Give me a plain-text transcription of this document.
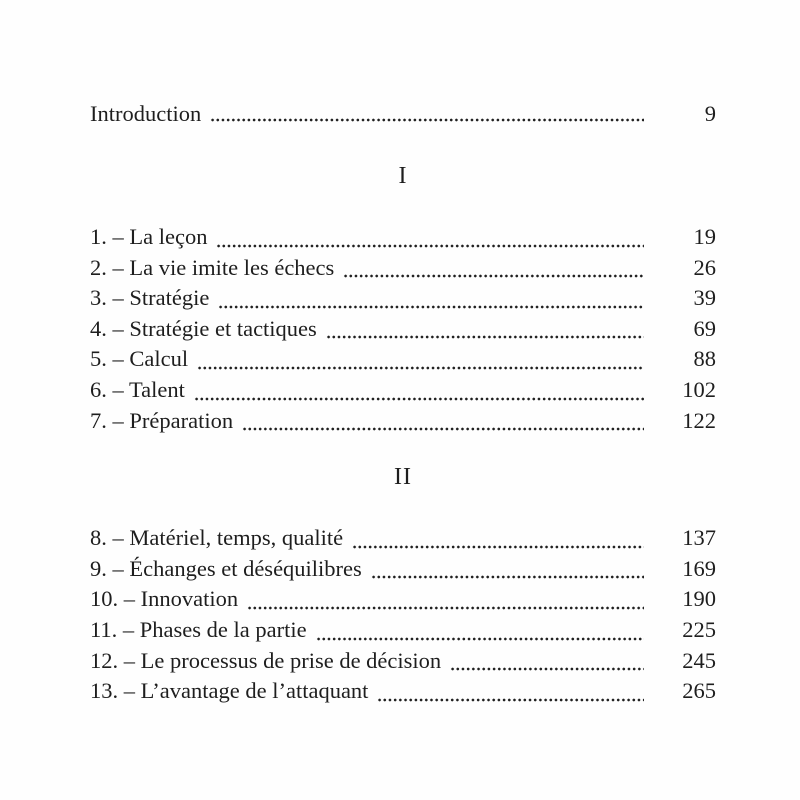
Introduction	9
I
1. – La leçon	19
2. – La vie imite les échecs	26
3. – Stratégie	39
4. – Stratégie et tactiques	69
5. – Calcul	88
6. – Talent	102
7. – Préparation	122
II
8. – Matériel, temps, qualité	137
9. – Échanges et déséquilibres	169
10. – Innovation	190
11. – Phases de la partie	225
12. – Le processus de prise de décision	245
13. – L’avantage de l’attaquant	265
